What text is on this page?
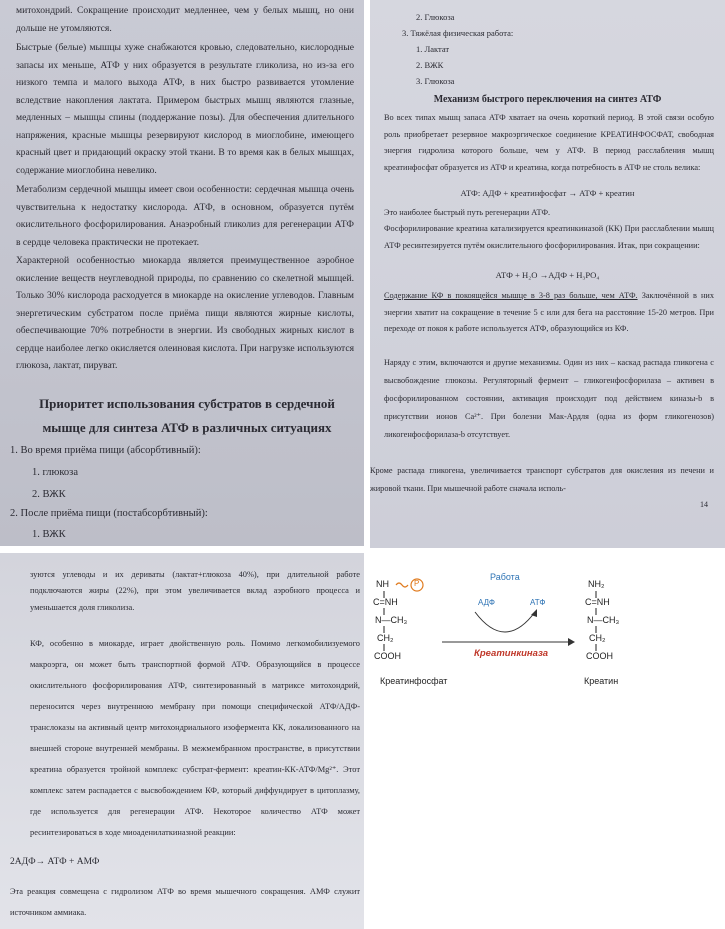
митохондрий. Сокращение происходит медленнее, чем у белых мышц, но они дольше не утомляются.

Быстрые (белые) мышцы хуже снабжаются кровью, следовательно, кислородные запасы их меньше, АТФ у них образуется в результате гликолиза, но из-за его низкого темпа и малого выхода АТФ, в них быстро развивается утомление вследствие накопления лактата. Примером быстрых мышц являются глазные, медленных – мышцы спины (поддержание позы). Для обеспечения длительного напряжения, красные мышцы резервируют кислород в миоглобине, имеющего красный цвет и придающий окраску этой ткани. В то время как в белых мышцах, содержание миоглобина невелико.

Метаболизм сердечной мышцы имеет свои особенности: сердечная мышца очень чувствительна к недостатку кислорода. АТФ, в основном, образуется путём окислительного фосфорилирования. Анаэробный гликолиз для регенерации АТФ в сердце человека практически не протекает.

Характерной особенностью миокарда является преимущественное аэробное окисление веществ неуглеводной природы, по сравнению со скелетной мышцей. Только 30% кислорода расходуется в миокарде на окисление углеводов. Главным энергетическим субстратом после приёма пищи являются жирные кислоты, обеспечивающие 70% потребности в энергии. Из свободных жирных кислот в сердце наиболее легко окисляется олеиновая кислота. При нагрузке используются глюкоза, лактат, пируват.

Приоритет использования субстратов в сердечной
мышце для синтеза АТФ в различных ситуациях
1. Во время приёма пищи (абсорбтивный):
1. глюкоза
2. ВЖК
2. После приёма пищи (постабсорбтивный):
1. ВЖК
2. Глюкоза
3. Тяжёлая физическая работа:
1. Лактат
2. ВЖК
3. Глюкоза
Механизм быстрого переключения на синтез АТФ

Во всех типах мышц запаса АТФ хватает на очень короткий период. В этой связи особую роль приобретает резервное макроэргическое соединение КРЕАТИНФОСФАТ, свободная энергия гидролиза которого больше, чем у АТФ. В период расслабления мышц креатинфосфат образуется из АТФ и креатина, когда потребность в АТФ не столь велика:

АТФ: АДФ + креатинфосфат → АТФ + креатин

Это наиболее быстрый путь регенерации АТФ.

Фосфорилирование креатина катализируется креатинкиназой (КК) При расслаблении мышц АТФ ресинтезируется путём окислительного фосфорилирования. Итак, при сокращении:

АТФ + H₂O →АДФ + H₃PO₄

Содержание КФ в покоящейся мышце в 3-8 раз больше, чем АТФ. Заключённой в них энергии хватит на сокращение в течение 5 с или для бега на расстояние 15-20 метров. При переходе от покоя к работе используется АТФ, образующийся из КФ.

Наряду с этим, включаются и другие механизмы. Один из них – каскад распада гликогена с высвобождение глюкозы. Регуляторный фермент – гликогенфосфорилаза – активен в фосфорилированном состоянии, активация происходит под действием киназы-b в присутствии ионов Ca²⁺. При болезни Мак-Ардля (одна из форм гликогенозов) ликогенфосфорилаза-b отсутствует.

Кроме распада гликогена, увеличивается транспорт субстратов для окисления из печени и жировой ткани. При мышечной работе сначала исполь-

14

зуются углеводы и их дериваты (лактат+глюкоза 40%), при длительной работе подключаются жиры (22%), при этом увеличивается вклад аэробного процесса и уменьшается доля гликолиза.

КФ, особенно в миокарде, играет двойственную роль. Помимо легкомобилизуемого макроэрга, он может быть транспортной формой АТФ. Образующийся в процессе окислительного фосфорилирования АТФ, синтезированный в матриксе митохондрий, переносится через внутреннюю мембрану при помощи специфической АТФ/АДФ-транслоказы на активный центр митохондриального изофермента КК, локализованного на внешней стороне внутренней мембраны. В межмембранном пространстве, в присутствии креатина образуется тройной комплекс субстрат-фермент: креатин-КК-АТФ/Mg²⁺. Этот комплекс затем распадается с высвобождением КФ, который диффундирует в цитоплазму, где используется для регенерации АТФ. Некоторое количество АТФ может ресинтезироваться в ходе миоаденилаткиназной реакции:

2АДФ→ АТФ + АМФ

Эта реакция совмещена с гидролизом АТФ во время мышечного сокращения. АМФ служит источником аммиака.

NH	P
C=NH
N—CH₃
CH₂
COOH
Работа
АДФ	АТФ
Креатинкиназа
NH₂
C=NH
N—CH₃
CH₂
COOH
Креатинфосфат	Креатин
